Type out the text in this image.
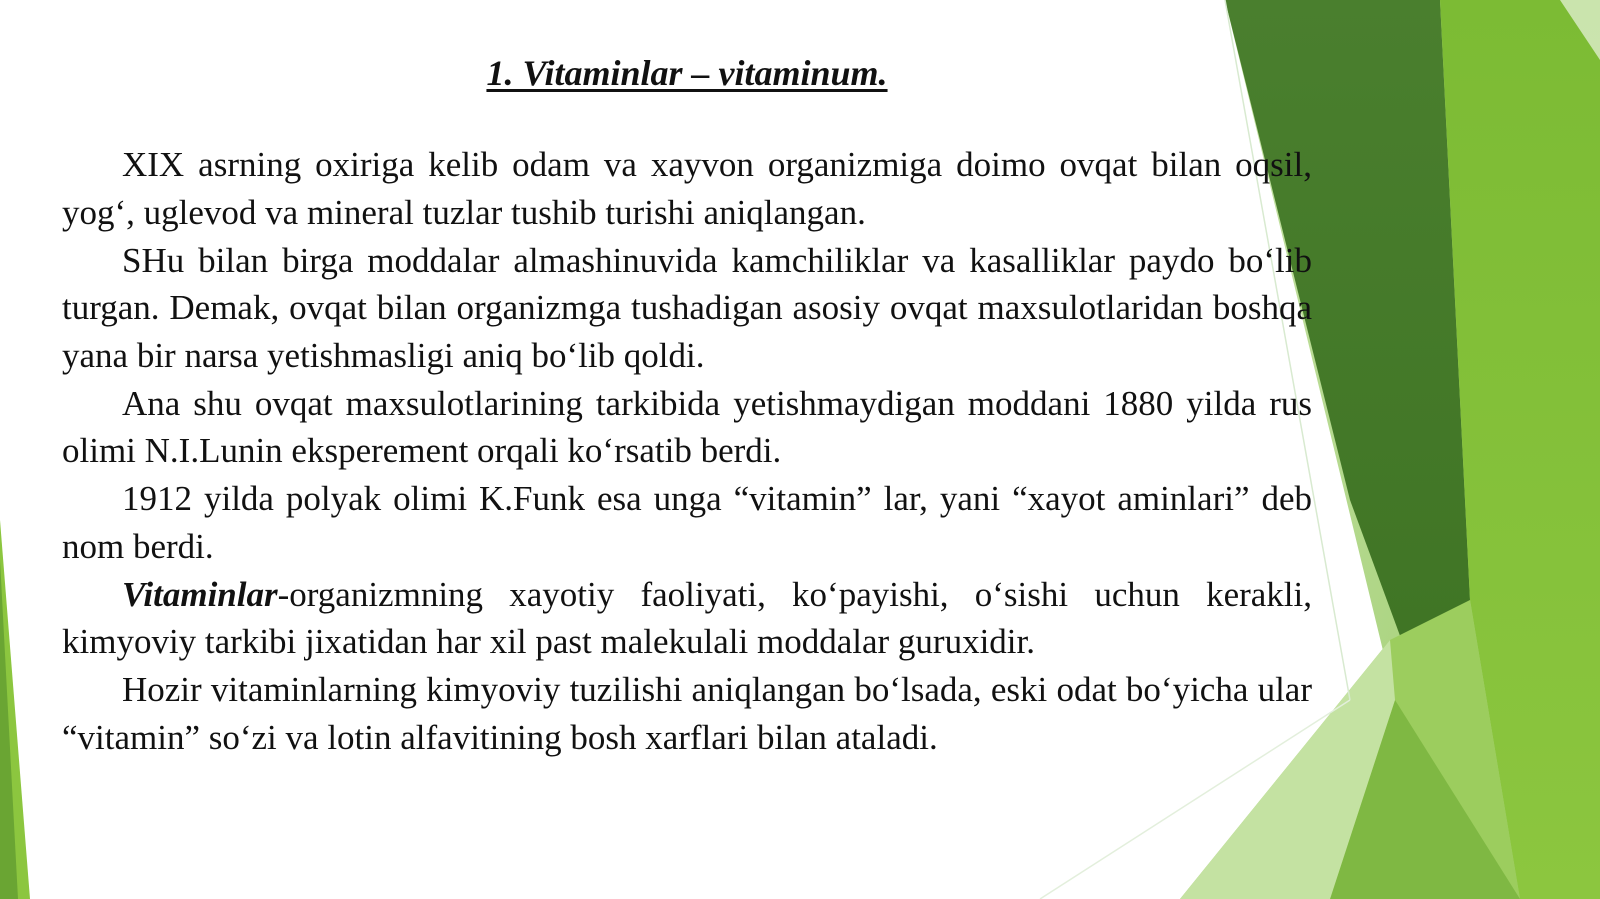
1. Vitaminlar – vitaminum.

XIX asrning oxiriga kelib odam va xayvon organizmiga doimo ovqat bilan oqsil, yog‘, uglevod va mineral tuzlar tushib turishi aniqlangan.

SHu bilan birga moddalar almashinuvida kamchiliklar va kasalliklar paydo bo‘lib turgan. Demak, ovqat bilan organizmga tushadigan asosiy ovqat maxsulotlaridan boshqa yana bir narsa yetishmasligi aniq bo‘lib qoldi.

Ana shu ovqat maxsulotlarining tarkibida yetishmaydigan moddani 1880 yilda rus olimi N.I.Lunin eksperement orqali ko‘rsatib berdi.

1912 yilda polyak olimi K.Funk esa unga “vitamin” lar, yani “xayot aminlari” deb nom berdi.

Vitaminlar-organizmning xayotiy faoliyati, ko‘payishi, o‘sishi uchun kerakli, kimyoviy tarkibi jixatidan har xil past malekulali moddalar guruxidir.

Hozir vitaminlarning kimyoviy tuzilishi aniqlangan bo‘lsada, eski odat bo‘yicha ular “vitamin” so‘zi va lotin alfavitining bosh xarflari bilan ataladi.
